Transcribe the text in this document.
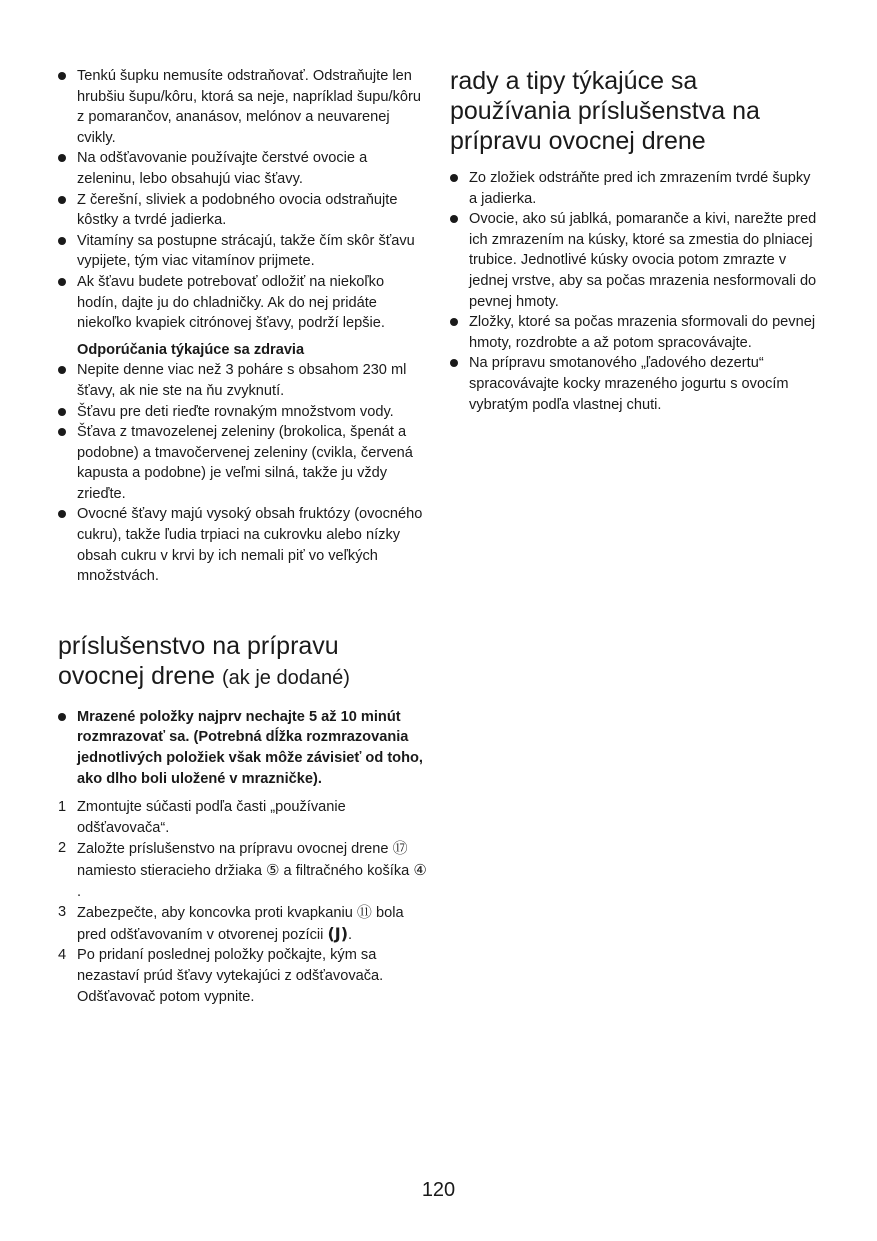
Tenkú šupku nemusíte odstraňovať. Odstraňujte len hrubšiu šupu/kôru, ktorá sa neje, napríklad šupu/kôru z pomarančov, ananásov, melónov a neuvarenej cvikly.
Na odšťavovanie používajte čerstvé ovocie a zeleninu, lebo obsahujú viac šťavy.
Z čerešní, sliviek a podobného ovocia odstraňujte kôstky a tvrdé jadierka.
Vitamíny sa postupne strácajú, takže čím skôr šťavu vypijete, tým viac vitamínov prijmete.
Ak šťavu budete potrebovať odložiť na niekoľko hodín, dajte ju do chladničky. Ak do nej pridáte niekoľko kvapiek citrónovej šťavy, podrží lepšie.
Odporúčania týkajúce sa zdravia
Nepite denne viac než 3 poháre s obsahom 230 ml šťavy, ak nie ste na ňu zvyknutí.
Šťavu pre deti rieďte rovnakým množstvom vody.
Šťava z tmavozelenej zeleniny (brokolica, špenát a podobne) a tmavočervenej zeleniny (cvikla, červená kapusta a podobne) je veľmi silná, takže ju vždy zrieďte.
Ovocné šťavy majú vysoký obsah fruktózy (ovocného cukru), takže ľudia trpiaci na cukrovku alebo nízky obsah cukru v krvi by ich nemali piť vo veľkých množstvách.
príslušenstvo na prípravu ovocnej drene (ak je dodané)
Mrazené položky najprv nechajte 5 až 10 minút rozmrazovať sa. (Potrebná dĺžka rozmrazovania jednotlivých položiek však môže závisieť od toho, ako dlho boli uložené v mrazničke).
1 Zmontujte súčasti podľa časti „používanie odšťavovača“.
2 Založte príslušenstvo na prípravu ovocnej drene ⑰ namiesto stieracieho držiaka ⑤ a filtračného košíka ④.
3 Zabezpečte, aby koncovka proti kvapkaniu ⑪ bola pred odšťavovaním v otvorenej pozícii (J).
4 Po pridaní poslednej položky počkajte, kým sa nezastaví prúd šťavy vytekajúci z odšťavovača. Odšťavovač potom vypnite.
rady a tipy týkajúce sa používania príslušenstva na prípravu ovocnej drene
Zo zložiek odstráňte pred ich zmrazením tvrdé šupky a jadierka.
Ovocie, ako sú jablká, pomaranče a kivi, narežte pred ich zmrazením na kúsky, ktoré sa zmestia do plniacej trubice. Jednotlivé kúsky ovocia potom zmrazte v jednej vrstve, aby sa počas mrazenia nesformovali do pevnej hmoty.
Zložky, ktoré sa počas mrazenia sformovali do pevnej hmoty, rozdrobte a až potom spracovávajte.
Na prípravu smotanového „ľadového dezertu“ spracovávajte kocky mrazeného jogurtu s ovocím vybratým podľa vlastnej chuti.
120
